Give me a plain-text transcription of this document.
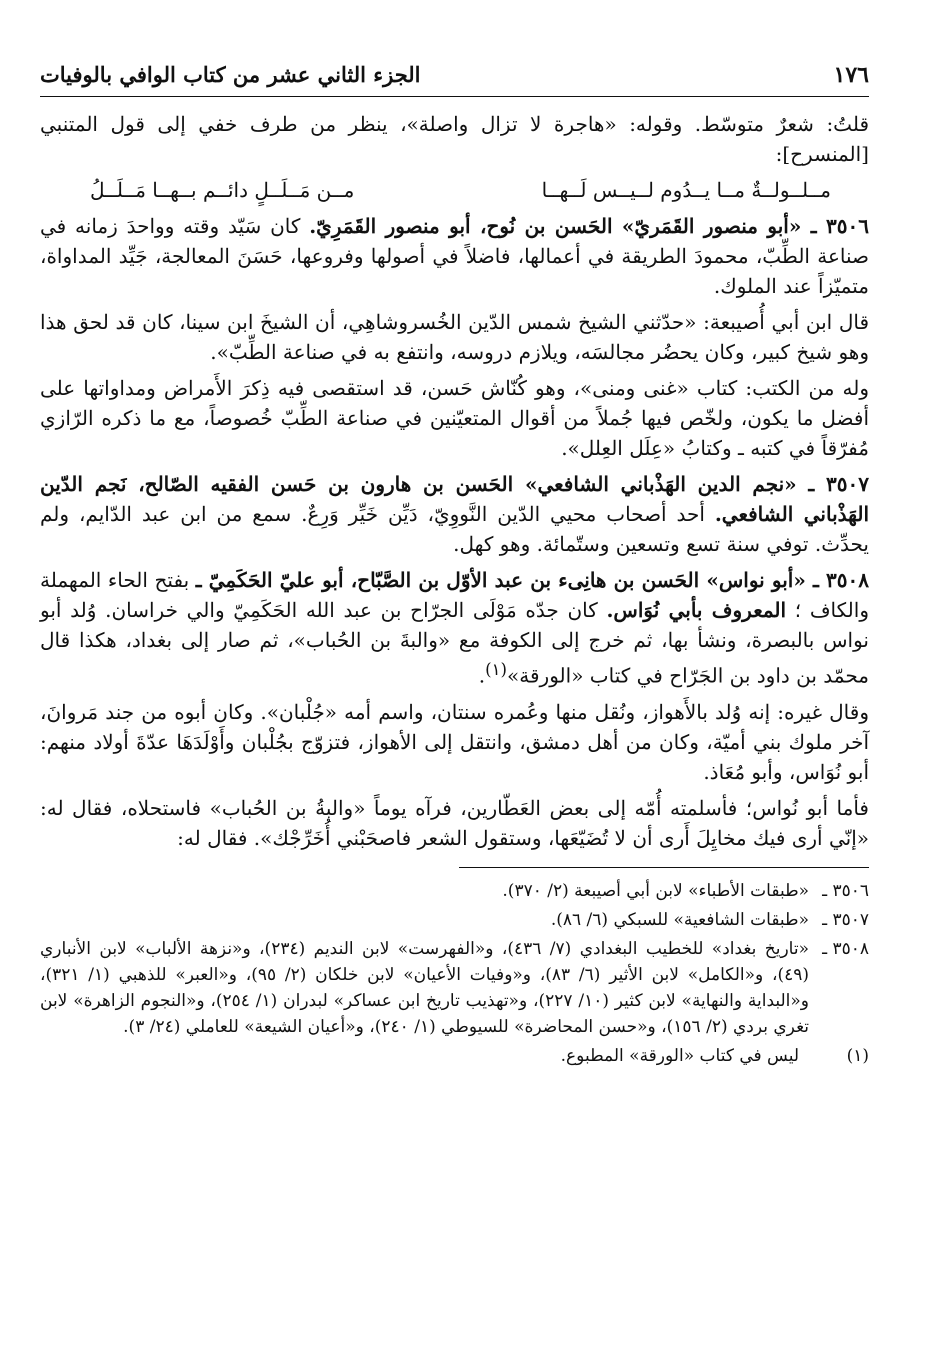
١٧٦
الجزء الثاني عشر من كتاب الوافي بالوفيات

قلتُ: شعرٌ متوسّط. وقوله: «هاجرة لا تزال واصلة»، ينظر من طرف خفي إلى قول المتنبي [المنسرح]:

مــلــولــةٌ مــا يــدُوم لــيــس لَــهــا
مــن مَــلَــلٍ دائــم بــهــا مَــلَــلُ

٣٥٠٦ ـ «أبو منصور القَمَريّ» الحَسن بن نُوح، أبو منصور القَمَرِيّ. كان سَيّد وقته وواحدَ زمانه في صناعة الطِّبّ، محمودَ الطريقة في أعمالها، فاضلاً في أصولها وفروعها، حَسَنَ المعالجة، جَيِّد المداواة، متميّزاً عند الملوك.

قال ابن أبي أُصيبعة: «حدّثني الشيخ شمس الدّين الخُسروشاهِي، أن الشيخَ ابن سينا، كان قد لحق هذا وهو شيخ كبير، وكان يحضُر مجالسَه، ويلازم دروسه، وانتفع به في صناعة الطِّبّ».

وله من الكتب: كتاب «غنى ومنى»، وهو كُنّاش حَسن، قد استقصى فيه ذِكرَ الأَمراض ومداواتها على أفضل ما يكون، ولخّص فيها جُملاً من أقوال المتعيّنين في صناعة الطِّبّ خُصوصاً، مع ما ذكره الرّازي مُفرّقاً في كتبه ـ وكتابُ «عِلَل العِلل».

٣٥٠٧ ـ «نجم الدين الهَذْباني الشافعي» الحَسن بن هارون بن حَسن الفقيه الصّالح، نَجم الدّين الهَذْباني الشافعي. أحد أصحاب محيي الدّين النَّووِيّ، دَيِّن خَيِّر وَرِعٌ. سمع من ابن عبد الدّايم، ولم يحدِّث. توفي سنة تسع وتسعين وستّمائة. وهو كهل.

٣٥٠٨ ـ «أبو نواس» الحَسن بن هانِىء بن عبد الأوّل بن الصَّبّاح، أبو عليّ الحَكَمِيّ ـ بفتح الحاء المهملة والكاف ؛ المعروف بأبي نُوَاس. كان جدّه مَوْلَى الجرّاح بن عبد الله الحَكَمِيّ والي خراسان. وُلد أبو نواس بالبصرة، ونشأ بها، ثم خرج إلى الكوفة مع «والبةَ بن الحُباب»، ثم صار إلى بغداد، هكذا قال محمّد بن داود بن الجَرّاح في كتاب «الورقة»$^{(١)}$.

وقال غيره: إنه وُلد بالأَهواز، ونُقل منها وعُمره سنتان، واسم أمه «جُلْبان». وكان أبوه من جند مَروانَ، آخر ملوك بني أميّة، وكان من أهل دمشق، وانتقل إلى الأهواز، فتزوّج بجُلْبان وأَوْلَدَهَا عدّةَ أولاد منهم: أبو نُوَاس، وأبو مُعَاذ.

فأما أبو نُواس؛ فأسلمته أُمّه إلى بعض العَطّارين، فرآه يوماً «والبةُ بن الحُباب» فاستحلاه، فقال له: «إنّي أرى فيك مخايِلَ أَرى أن لا تُضَيّعَها، وستقول الشعر فاصحَبْني أُخَرِّجْك». فقال له:

٣٥٠٦ ـ
«طبقات الأطباء» لابن أبي أصيبعة (٢/ ٣٧٠).
٣٥٠٧ ـ
«طبقات الشافعية» للسبكي (٦/ ٨٦).
٣٥٠٨ ـ
«تاريخ بغداد» للخطيب البغدادي (٧/ ٤٣٦)، و«الفهرست» لابن النديم (٢٣٤)، و«نزهة الألباب» لابن الأنباري (٤٩)، و«الكامل» لابن الأثير (٦/ ٨٣)، و«وفيات الأعيان» لابن خلكان (٢/ ٩٥)، و«العبر» للذهبي (١/ ٣٢١)، و«البداية والنهاية» لابن كثير (١٠/ ٢٢٧)، و«تهذيب تاريخ ابن عساكر» لبدران (١/ ٢٥٤)، و«النجوم الزاهرة» لابن تغري بردي (٢/ ١٥٦)، و«حسن المحاضرة» للسيوطي (١/ ٢٤٠)، و«أعيان الشيعة» للعاملي (٢٤/ ٣).
(١)
ليس في كتاب «الورقة» المطبوع.
